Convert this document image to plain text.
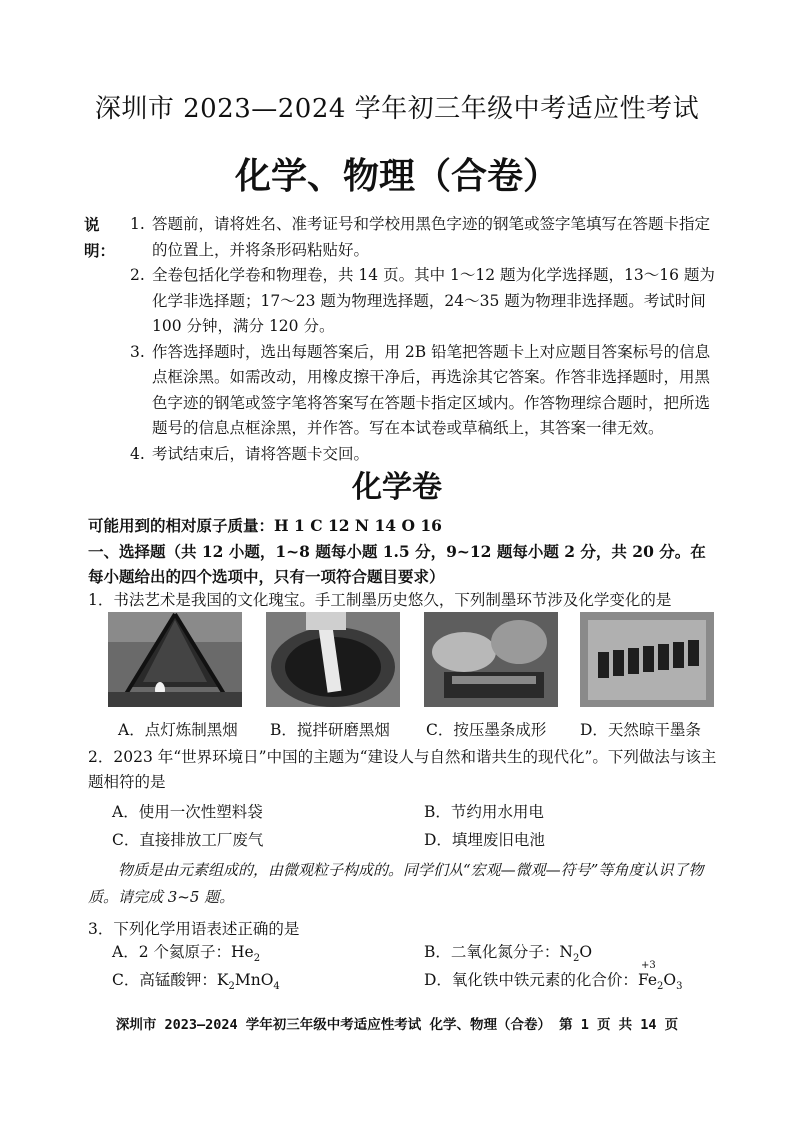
深圳市 2023—2024 学年初三年级中考适应性考试
化学、物理（合卷）
说明：
1. 答题前，请将姓名、准考证号和学校用黑色字迹的钢笔或签字笔填写在答题卡指定的位置上，并将条形码粘贴好。
2. 全卷包括化学卷和物理卷，共 14 页。其中 1～12 题为化学选择题，13～16 题为化学非选择题；17～23 题为物理选择题，24～35 题为物理非选择题。考试时间 100 分钟，满分 120 分。
3. 作答选择题时，选出每题答案后，用 2B 铅笔把答题卡上对应题目答案标号的信息点框涂黑。如需改动，用橡皮擦干净后，再选涂其它答案。作答非选择题时，用黑色字迹的钢笔或签字笔将答案写在答题卡指定区域内。作答物理综合题时，把所选题号的信息点框涂黑，并作答。写在本试卷或草稿纸上，其答案一律无效。
4. 考试结束后，请将答题卡交回。
化学卷
可能用到的相对原子质量：H 1 C 12 N 14 O 16
一、选择题（共 12 小题，1~8 题每小题 1.5 分，9~12 题每小题 2 分，共 20 分。在每小题给出的四个选项中，只有一项符合题目要求）
1．书法艺术是我国的文化瑰宝。手工制墨历史悠久，下列制墨环节涉及化学变化的是
A．点灯炼制黑烟 B．搅拌研磨黑烟 C．按压墨条成形 D．天然晾干墨条
2．2023 年“世界环境日”中国的主题为“建设人与自然和谐共生的现代化”。下列做法与该主题相符的是
A．使用一次性塑料袋	B．节约用水用电
C．直接排放工厂废气	D．填埋废旧电池
物质是由元素组成的，由微观粒子构成的。同学们从“宏观—微观—符号”等角度认识了物质。请完成 3~5 题。
3．下列化学用语表述正确的是
A．2 个氦原子：$He_2$	B．二氧化氮分子：$N_2O$
C．高锰酸钾：$K_2MnO_4$	D．氧化铁中铁元素的化合价：
+3
$Fe_2O_3$
深圳市 2023—2024 学年初三年级中考适应性考试 化学、物理（合卷） 第 1 页 共 14 页
